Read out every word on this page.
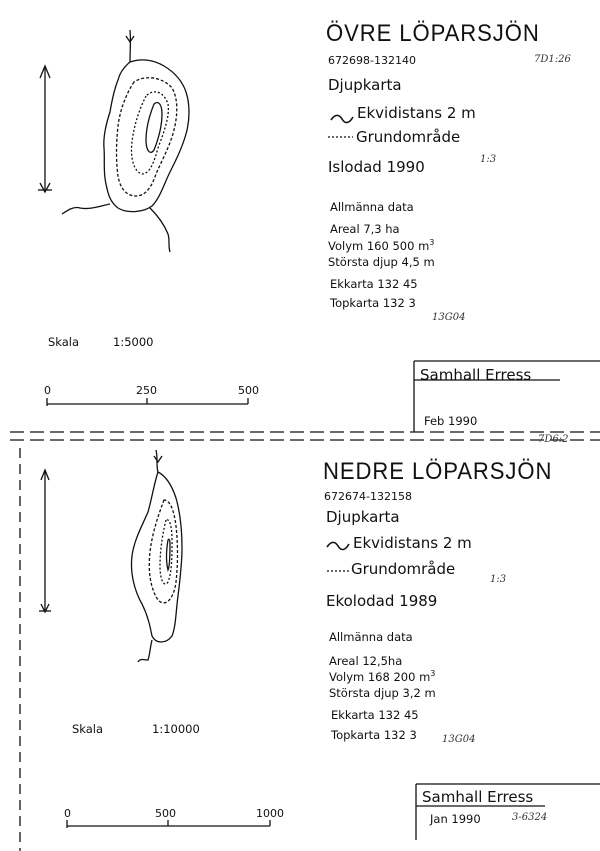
ÖVRE LÖPARSJÖN
672698-132140	7D1:26
Djupkarta
Ekvidistans 2 m
Grundområde
Islodad 1990	1:3
Allmänna data
Areal 7,3 ha
Volym 160 500 $m^3$
Största djup 4,5 m
Ekkarta 132 45
Topkarta 132 3
13G04
Skala	1:5000
0	250	500
Samhall Erress
Feb 1990
7D6:2
NEDRE LÖPARSJÖN
672674-132158
Djupkarta
Ekvidistans 2 m
Grundområde
1:3
Ekolodad 1989
Allmänna data
Areal 12,5ha
Volym 168 200 $m^3$
Största djup 3,2 m
Ekkarta 132 45
Topkarta 132 3	13G04
Skala	1:10000
0	500	1000
Samhall Erress
Jan 1990	3-6324
